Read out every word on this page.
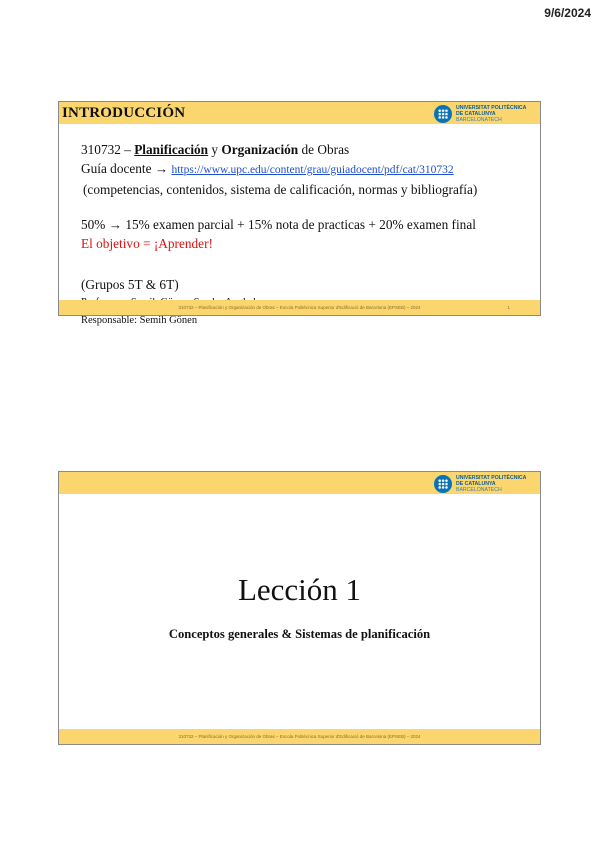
9/6/2024
INTRODUCCIÓN	UNIVERSITAT POLITÈCNICA
DE CATALUNYA
BARCELONATECH

310732 – Planificación y Organización de Obras

Guía docente → https://www.upc.edu/content/grau/guiadocent/pdf/cat/310732

(competencias, contenidos, sistema de calificación, normas y bibliografía)

50% → 15% examen parcial + 15% nota de practicas + 20% examen final

El objetivo = ¡Aprender!

(Grupos 5T & 6T)

Responsable: Semih Gönen

310732 – Planificación y Organización de Obras – Escola Politècnica Superior d'Edificació de Barcelona (EPSEB) – 2024	1
UNIVERSITAT POLITÈCNICA
DE CATALUNYA
BARCELONATECH
Lección 1
Conceptos generales & Sistemas de planificación
310732 – Planificación y Organización de Obras – Escola Politècnica Superior d'Edificació de Barcelona (EPSEB) – 2024
